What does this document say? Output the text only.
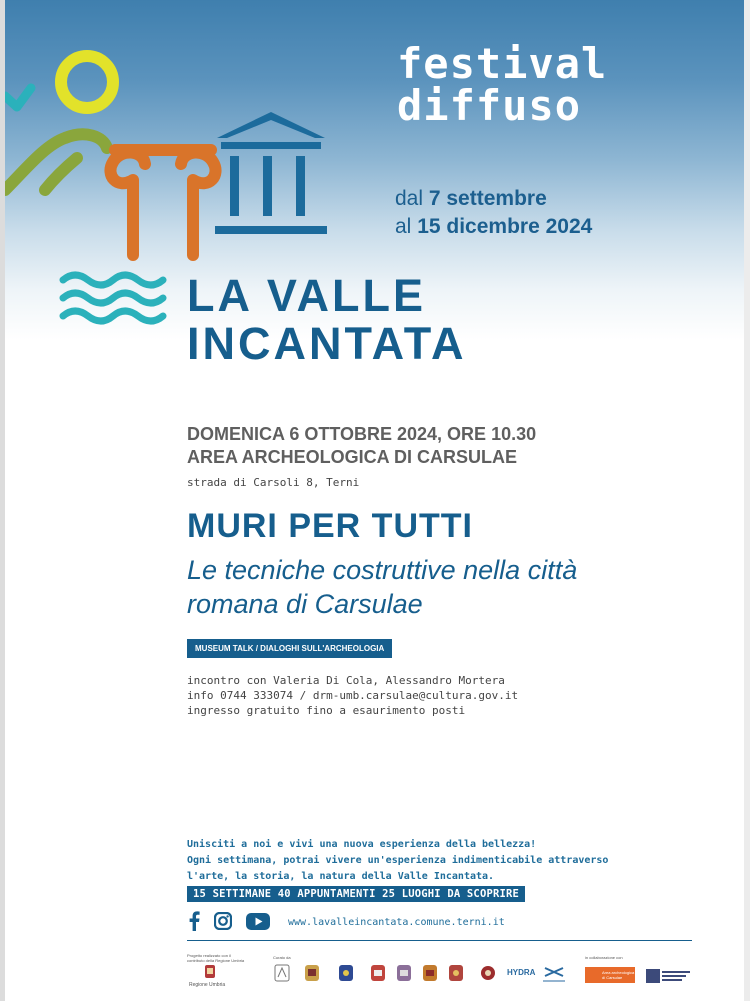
festival
diffuso
dal 7 settembre
al 15 dicembre 2024
LA VALLE
INCANTATA
DOMENICA 6 OTTOBRE 2024, ORE 10.30
AREA ARCHEOLOGICA DI CARSULAE
strada di Carsoli 8, Terni
MURI PER TUTTI
Le tecniche costruttive nella città
romana di Carsulae
MUSEUM TALK / DIALOGHI SULL'ARCHEOLOGIA
incontro con Valeria Di Cola, Alessandro Mortera
info 0744 333074 / drm-umb.carsulae@cultura.gov.it
ingresso gratuito fino a esaurimento posti
Unisciti a noi e vivi una nuova esperienza della bellezza!
Ogni settimana, potrai vivere un'esperienza indimenticabile attraverso
l'arte, la storia, la natura della Valle Incantata.
15 SETTIMANE 40 APPUNTAMENTI 25 LUOGHI DA SCOPRIRE
www.lavalleincantata.comune.terni.it
Progetto realizzato con il contributo della Regione Umbria
Regione Umbria
Curato da
HYDRA
in collaborazione con
Area archeologica di Carsulae
